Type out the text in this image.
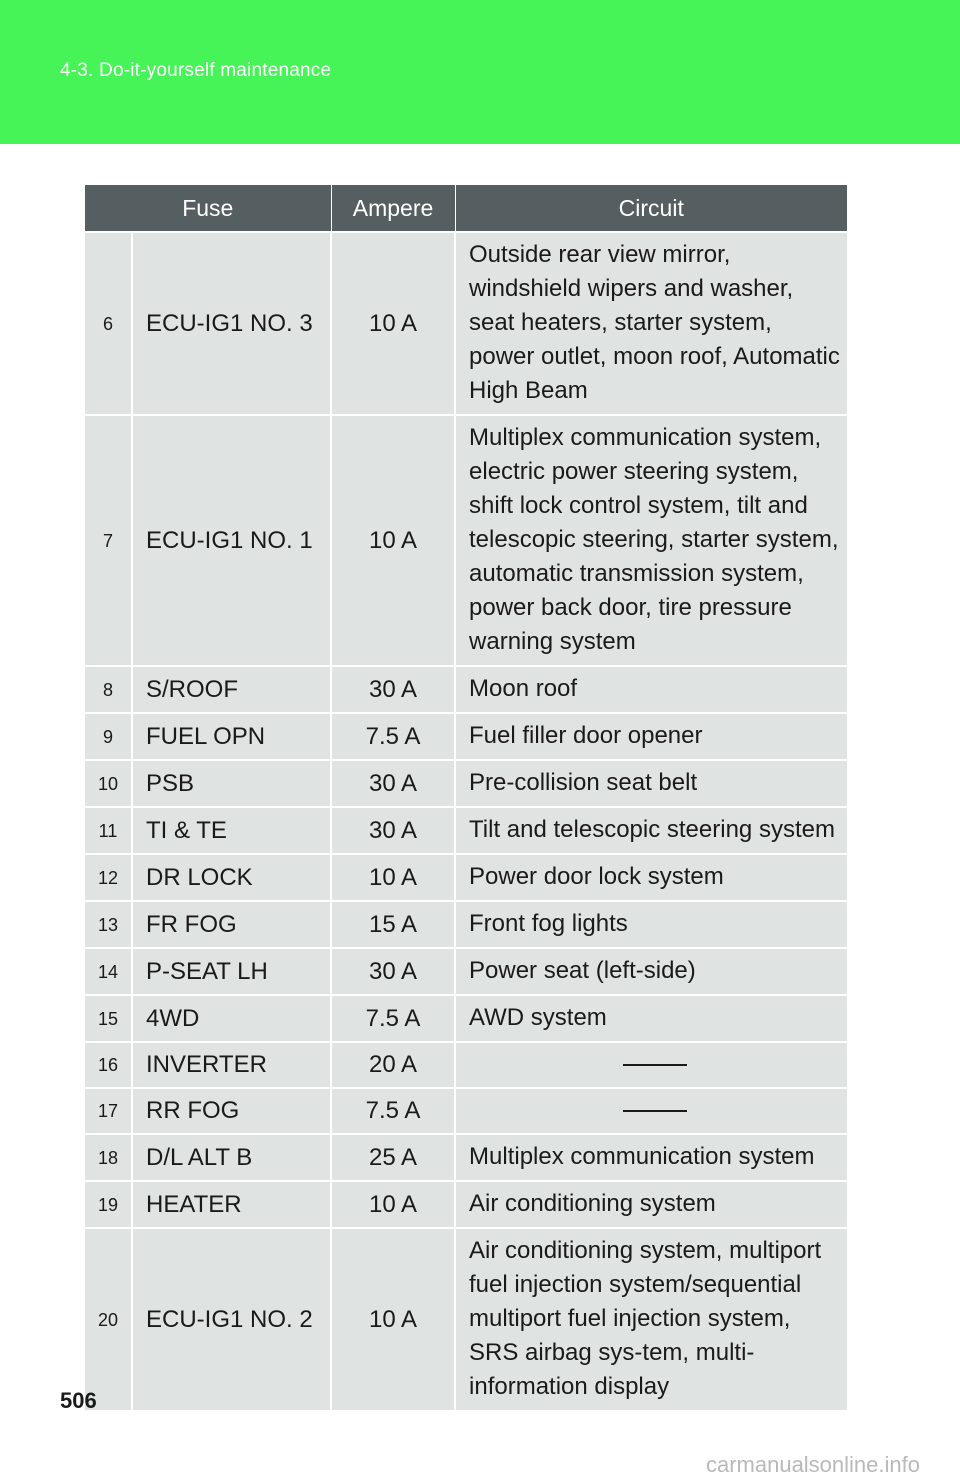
4-3. Do-it-yourself maintenance
Fuse		Ampere	Circuit
6	ECU-IG1 NO. 3	10 A	Outside rear view mirror, windshield wipers and washer, seat heaters, starter system, power outlet, moon roof, Automatic High Beam
7	ECU-IG1 NO. 1	10 A	Multiplex communication system, electric power steering system, shift lock control system, tilt and telescopic steering, starter system, automatic transmission system, power back door, tire pressure warning system
8	S/ROOF	30 A	Moon roof
9	FUEL OPN	7.5 A	Fuel filler door opener
10	PSB	30 A	Pre-collision seat belt
11	TI & TE	30 A	Tilt and telescopic steering system
12	DR LOCK	10 A	Power door lock system
13	FR FOG	15 A	Front fog lights
14	P-SEAT LH	30 A	Power seat (left-side)
15	4WD	7.5 A	AWD system
16	INVERTER	20 A	

17	RR FOG	7.5 A	

18	D/L ALT B	25 A	Multiplex communication system
19	HEATER	10 A	Air conditioning system
20	ECU-IG1 NO. 2	10 A	Air conditioning system, multiport fuel injection system/sequential multiport fuel injection system, SRS airbag sys-tem, multi-information display
506
carmanualsonline.info
